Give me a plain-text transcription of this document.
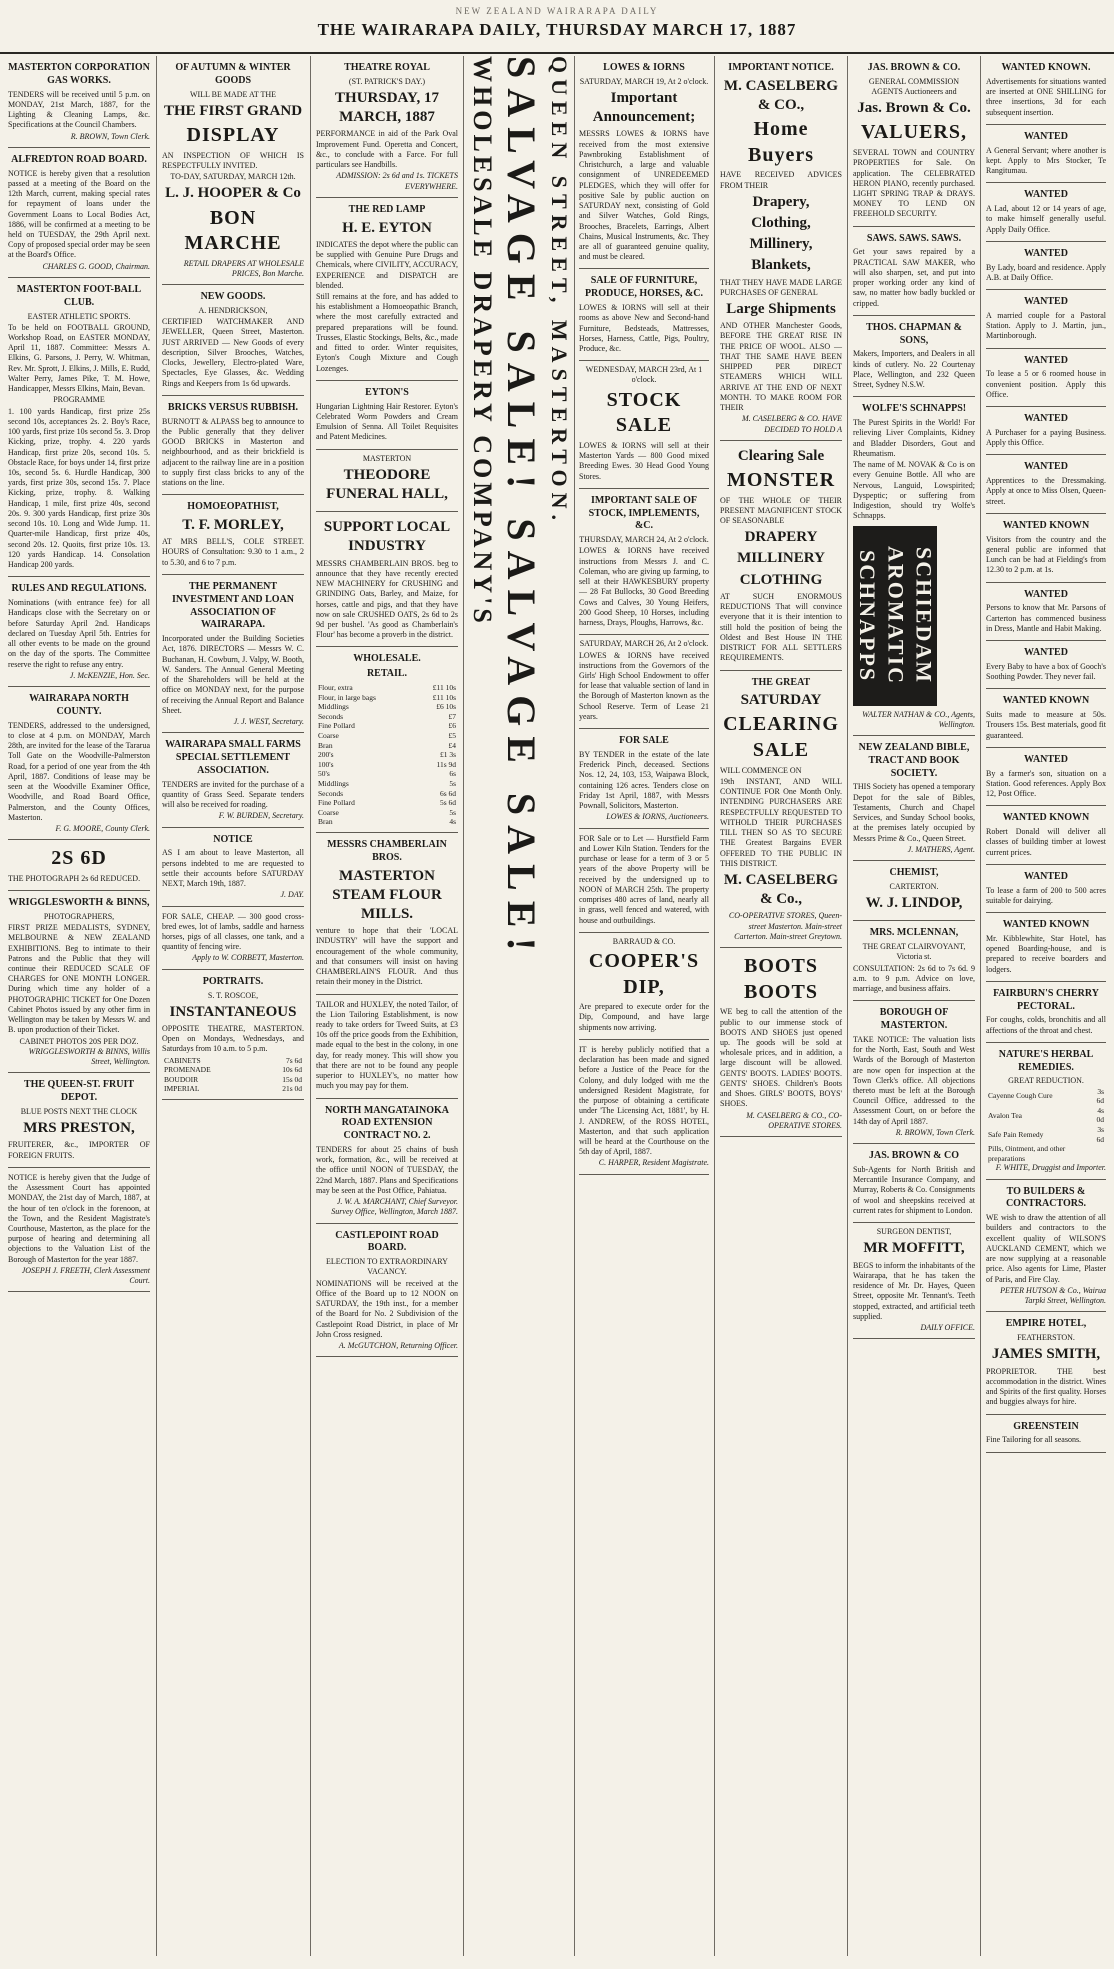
NEW ZEALAND WAIRARAPA DAILY
THE WAIRARAPA DAILY, THURSDAY MARCH 17, 1887
MASTERTON CORPORATION GAS WORKS.

TENDERS will be received until 5 p.m. on MONDAY, 21st March, 1887, for the Lighting & Cleaning Lamps, &c. Specifications at the Council Chambers.

R. BROWN, Town Clerk.
ALFREDTON ROAD BOARD.

NOTICE is hereby given that a resolution passed at a meeting of the Board on the 12th March, current, making special rates for repayment of loans under the Government Loans to Local Bodies Act, 1886, will be confirmed at a meeting to be held on TUESDAY, the 29th April next. Copy of proposed special order may be seen at the Board's Office.

CHARLES G. GOOD, Chairman.
MASTERTON FOOT-BALL CLUB.
EASTER ATHLETIC SPORTS.

To be held on FOOTBALL GROUND, Workshop Road, on EASTER MONDAY, April 11, 1887. Committee: Messrs A. Elkins, G. Parsons, J. Perry, W. Whitman, Rev. Mr. Sprott, J. Elkins, J. Mills, E. Rudd, Walter Perry, James Pike, T. M. Howe, Handicapper, Messrs Elkins, Main, Bevan.

PROGRAMME

1. 100 yards Handicap, first prize 25s second 10s, acceptances 2s. 2. Boy's Race, 100 yards, first prize 10s second 5s. 3. Drop Kicking, prize, trophy. 4. 220 yards Handicap, first prize 20s, second 10s. 5. Obstacle Race, for boys under 14, first prize 10s, second 5s. 6. Hurdle Handicap, 300 yards, first prize 30s, second 15s. 7. Place Kicking, prize, trophy. 8. Walking Handicap, 1 mile, first prize 40s, second 20s. 9. 300 yards Handicap, first prize 30s second 10s. 10. Long and Wide Jump. 11. Quarter-mile Handicap, first prize 40s, second 20s. 12. Quoits, first prize 10s. 13. 120 yards Handicap. 14. Consolation Handicap 200 yards.

RULES AND REGULATIONS.

Nominations (with entrance fee) for all Handicaps close with the Secretary on or before Saturday April 2nd. Handicaps declared on Tuesday April 5th. Entries for all other events to be made on the ground on the day of the sports. The Committee reserve the right to refuse any entry.

J. McKENZIE, Hon. Sec.
WAIRARAPA NORTH COUNTY.

TENDERS, addressed to the undersigned, to close at 4 p.m. on MONDAY, March 28th, are invited for the lease of the Tararua Toll Gate on the Woodville-Palmerston Road, for a period of one year from the 4th April, 1887. Conditions of lease may be seen at the Woodville Examiner Office, Woodville, and Road Board Office, Palmerston, and the County Offices, Masterton.

F. G. MOORE, County Clerk.
2S 6D

THE PHOTOGRAPH 2s 6d REDUCED.

WRIGGLESWORTH & BINNS,
PHOTOGRAPHERS,

FIRST PRIZE MEDALISTS, SYDNEY, MELBOURNE & NEW ZEALAND EXHIBITIONS. Beg to intimate to their Patrons and the Public that they will continue their REDUCED SCALE OF CHARGES for ONE MONTH LONGER. During which time any holder of a PHOTOGRAPHIC TICKET for One Dozen Cabinet Photos issued by any other firm in Wellington may be taken by Messrs W. and B. upon production of their Ticket.

CABINET PHOTOS 20S PER DOZ.
WRIGGLESWORTH & BINNS, Willis Street, Wellington.
THE QUEEN-ST. FRUIT DEPOT.
BLUE POSTS NEXT THE CLOCK
MRS PRESTON,

FRUITERER, &c., IMPORTER OF FOREIGN FRUITS.

NOTICE is hereby given that the Judge of the Assessment Court has appointed MONDAY, the 21st day of March, 1887, at the hour of ten o'clock in the forenoon, at the Town, and the Resident Magistrate's Courthouse, Masterton, as the place for the purpose of hearing and determining all objections to the Valuation List of the Borough of Masterton for the year 1887.

JOSEPH J. FREETH, Clerk Assessment Court.
OF AUTUMN & WINTER GOODS
WILL BE MADE AT THE
THE FIRST GRAND
DISPLAY

AN INSPECTION OF WHICH IS RESPECTFULLY INVITED.

TO-DAY, SATURDAY, MARCH 12th.
L. J. HOOPER & Co
BON MARCHE
RETAIL DRAPERS AT WHOLESALE PRICES, Bon Marche.
NEW GOODS.
A. HENDRICKSON,

CERTIFIED WATCHMAKER AND JEWELLER, Queen Street, Masterton. JUST ARRIVED — New Goods of every description, Silver Brooches, Watches, Clocks, Jewellery, Electro-plated Ware, Spectacles, Eye Glasses, &c. Wedding Rings and Keepers from 1s 6d upwards.

BRICKS VERSUS RUBBISH.

BURNOTT & ALPASS beg to announce to the Public generally that they deliver GOOD BRICKS in Masterton and neighbourhood, and as their brickfield is adjacent to the railway line are in a position to supply first class bricks to any of the stations on the line.

HOMOEOPATHIST,
T. F. MORLEY,

AT MRS BELL'S, COLE STREET. HOURS of Consultation: 9.30 to 1 a.m., 2 to 5.30, and 6 to 7 p.m.

THE PERMANENT INVESTMENT AND LOAN ASSOCIATION OF WAIRARAPA.

Incorporated under the Building Societies Act, 1876. DIRECTORS — Messrs W. C. Buchanan, H. Cowburn, J. Valpy, W. Booth, W. Sanders. The Annual General Meeting of the Shareholders will be held at the office on MONDAY next, for the purpose of receiving the Annual Report and Balance Sheet.

J. J. WEST, Secretary.
WAIRARAPA SMALL FARMS SPECIAL SETTLEMENT ASSOCIATION.

TENDERS are invited for the purchase of a quantity of Grass Seed. Separate tenders will also be received for roading.

F. W. BURDEN, Secretary.
NOTICE

AS I am about to leave Masterton, all persons indebted to me are requested to settle their accounts before SATURDAY NEXT, March 19th, 1887.

J. DAY.

FOR SALE, CHEAP. — 300 good cross-bred ewes, lot of lambs, saddle and harness horses, pigs of all classes, one tank, and a quantity of fencing wire.

Apply to W. CORBETT, Masterton.
PORTRAITS.
S. T. ROSCOE,
INSTANTANEOUS

OPPOSITE THEATRE, MASTERTON. Open on Mondays, Wednesdays, and Saturdays from 10 a.m. to 5 p.m.

CABINETS	7s 6d
PROMENADE	10s 6d
BOUDOIR	15s 0d
IMPERIAL	21s 0d
THEATRE ROYAL
(ST. PATRICK'S DAY.)
THURSDAY, 17 MARCH, 1887

PERFORMANCE in aid of the Park Oval Improvement Fund. Operetta and Concert, &c., to conclude with a Farce. For full particulars see Handbills.

ADMISSION: 2s 6d and 1s. TICKETS EVERYWHERE.
THE RED LAMP
H. E. EYTON

INDICATES the depot where the public can be supplied with Genuine Pure Drugs and Chemicals, where CIVILITY, ACCURACY, EXPERIENCE and DISPATCH are blended.

Still remains at the fore, and has added to his establishment a Homoeopathic Branch, where the most carefully extracted and prepared preparations will be found. Trusses, Elastic Stockings, Belts, &c., made and fitted to order. Winter requisites, Eyton's Cough Mixture and Cough Lozenges.

EYTON'S

Hungarian Lightning Hair Restorer. Eyton's Celebrated Worm Powders and Cream Emulsion of Senna. All Toilet Requisites and Patent Medicines.

MASTERTON
THEODORE FUNERAL HALL,
SUPPORT LOCAL INDUSTRY

MESSRS CHAMBERLAIN BROS. beg to announce that they have recently erected NEW MACHINERY for CRUSHING and GRINDING Oats, Barley, and Maize, for horses, cattle and pigs, and that they have now on sale CRUSHED OATS, 2s 6d to 2s 9d per bushel. 'As good as Chamberlain's Flour' has become a proverb in the district.

WHOLESALE.
RETAIL.
Flour, extra	£11 10s
Flour, in large bags	£11 10s
Middlings	£6 10s
Seconds	£7
Fine Pollard	£6
Coarse	£5
Bran	£4
200's	£1 3s
100's	11s 9d
50's	6s
Middlings	5s
Seconds	6s 6d
Fine Pollard	5s 6d
Coarse	5s
Bran	4s
MESSRS CHAMBERLAIN BROS.
MASTERTON STEAM FLOUR MILLS.

venture to hope that their 'LOCAL INDUSTRY' will have the support and encouragement of the whole community, and that consumers will insist on having CHAMBERLAIN'S FLOUR. And thus retain their money in the District.

TAILOR and HUXLEY, the noted Tailor, of the Lion Tailoring Establishment, is now ready to take orders for Tweed Suits, at £3 10s off the price goods from the Exhibition, made equal to the best in the colony, in one day, for ready money. This will show you that there are not to be found any people superior to HUXLEY's, no matter how much you may pay for them.

NORTH MANGATAINOKA ROAD EXTENSION CONTRACT NO. 2.

TENDERS for about 25 chains of bush work, formation, &c., will be received at the office until NOON of TUESDAY, the 22nd March, 1887. Plans and Specifications may be seen at the Post Office, Pahiatua.

J. W. A. MARCHANT, Chief Surveyor. Survey Office, Wellington, March 1887.
CASTLEPOINT ROAD BOARD.
ELECTION TO EXTRAORDINARY VACANCY.

NOMINATIONS will be received at the Office of the Board up to 12 NOON on SATURDAY, the 19th inst., for a member of the Board for No. 2 Subdivision of the Castlepoint Road District, in place of Mr John Cross resigned.

A. McGUTCHON, Returning Officer.
QUEEN STREET, MASTERTON.
SALVAGE SALE! SALVAGE SALE!
WHOLESALE DRAPERY COMPANY'S	LOWES & IORNS
SATURDAY, MARCH 19, At 2 o'clock.
Important Announcement;

MESSRS LOWES & IORNS have received from the most extensive Pawnbroking Establishment of Christchurch, a large and valuable consignment of UNREDEEMED PLEDGES, which they will offer for positive Sale by public auction on SATURDAY next, consisting of Gold and Silver Watches, Gold Rings, Brooches, Bracelets, Earrings, Albert Chains, Musical Instruments, &c. They are all of guaranteed genuine quality, and must be cleared.

SALE OF FURNITURE, PRODUCE, HORSES, &C.

LOWES & IORNS will sell at their rooms as above New and Second-hand Furniture, Bedsteads, Mattresses, Horses, Harness, Cattle, Pigs, Poultry, Produce, &c.

WEDNESDAY, MARCH 23rd, At 1 o'clock.
STOCK SALE

LOWES & IORNS will sell at their Masterton Yards — 800 Good mixed Breeding Ewes. 30 Head Good Young Stores.

IMPORTANT SALE OF STOCK, IMPLEMENTS, &C.
THURSDAY, MARCH 24, At 2 o'clock.

LOWES & IORNS have received instructions from Messrs J. and C. Coleman, who are giving up farming, to sell at their HAWKESBURY property — 28 Fat Bullocks, 30 Good Breeding Cows and Calves, 30 Young Heifers, 200 Good Sheep, 10 Horses, including harness, Drays, Ploughs, Harrows, &c.

SATURDAY, MARCH 26, At 2 o'clock.

LOWES & IORNS have received instructions from the Governors of the Girls' High School Endowment to offer for lease that valuable section of land in the Borough of Masterton known as the School Reserve. Term of Lease 21 years.

FOR SALE

BY TENDER in the estate of the late Frederick Pinch, deceased. Sections Nos. 12, 24, 103, 153, Waipawa Block, containing 126 acres. Tenders close on Friday 1st April, 1887, with Messrs Pownall, Solicitors, Masterton.

LOWES & IORNS, Auctioneers.

FOR Sale or to Let — Hurstfield Farm and Lower Kiln Station. Tenders for the purchase or lease for a term of 3 or 5 years of the above Property will be received by the undersigned up to NOON of MARCH 25th. The property comprises 480 acres of land, nearly all in grass, well fenced and watered, with house and outbuildings.

BARRAUD & CO.
COOPER'S DIP,

Are prepared to execute order for the Dip, Compound, and have large shipments now arriving.

IT is hereby publicly notified that a declaration has been made and signed before a Justice of the Peace for the Colony, and duly lodged with me the undersigned Resident Magistrate, for the purpose of obtaining a certificate under 'The Licensing Act, 1881', by H. J. ANDREW, of the ROSS HOTEL, Masterton, and that such application will be heard at the Courthouse on the 5th day of April, 1887.

C. HARPER, Resident Magistrate.
IMPORTANT NOTICE.
M. CASELBERG & CO.,
Home Buyers

HAVE RECEIVED ADVICES FROM THEIR

Drapery,
Clothing,
Millinery,
Blankets,

THAT THEY HAVE MADE LARGE PURCHASES OF GENERAL

Large Shipments

AND OTHER Manchester Goods, BEFORE THE GREAT RISE IN THE PRICE OF WOOL. ALSO — THAT THE SAME HAVE BEEN SHIPPED PER DIRECT STEAMERS WHICH WILL ARRIVE AT THE END OF NEXT MONTH. TO MAKE ROOM FOR THEIR

M. CASELBERG & CO. HAVE DECIDED TO HOLD A
Clearing Sale
MONSTER

OF THE WHOLE OF THEIR PRESENT MAGNIFICENT STOCK OF SEASONABLE

DRAPERY
MILLINERY
CLOTHING

AT SUCH ENORMOUS REDUCTIONS That will convince everyone that it is their intention to still hold the position of being the Oldest and Best House IN THE DISTRICT FOR ALL SETTLERS REQUIREMENTS.

THE GREAT
SATURDAY
CLEARING SALE

WILL COMMENCE ON

19th INSTANT, AND WILL CONTINUE FOR One Month Only. INTENDING PURCHASERS ARE RESPECTFULLY REQUESTED TO WITHOLD THEIR PURCHASES TILL THEN SO AS TO SECURE THE Greatest Bargains EVER OFFERED TO THE PUBLIC IN THIS DISTRICT.

M. CASELBERG & Co.,
CO-OPERATIVE STORES, Queen-street Masterton. Main-street Carterton. Main-street Greytown.
BOOTS BOOTS

WE beg to call the attention of the public to our immense stock of BOOTS AND SHOES just opened up. The goods will be sold at wholesale prices, and in addition, a large discount will be allowed. GENTS' BOOTS. LADIES' BOOTS. GENTS' SHOES. Children's Boots and Shoes. GIRLS' BOOTS, BOYS' SHOES.

M. CASELBERG & CO., CO-OPERATIVE STORES.
JAS. BROWN & CO.
GENERAL COMMISSION AGENTS Auctioneers and
Jas. Brown & Co.
VALUERS,

SEVERAL TOWN and COUNTRY PROPERTIES for Sale. On application. The CELEBRATED HERON PIANO, recently purchased. LIGHT SPRING TRAP & DRAYS. MONEY TO LEND ON FREEHOLD SECURITY.

SAWS. SAWS. SAWS.

Get your saws repaired by a PRACTICAL SAW MAKER, who will also sharpen, set, and put into proper working order any kind of saw, no matter how badly buckled or cripped.

THOS. CHAPMAN & SONS,

Makers, Importers, and Dealers in all kinds of cutlery. No. 22 Courtenay Place, Wellington, and 232 Queen Street, Sydney N.S.W.

WOLFE'S SCHNAPPS!

The Purest Spirits in the World! For relieving Liver Complaints, Kidney and Bladder Disorders, Gout and Rheumatism.

The name of M. NOVAK & Co is on every Genuine Bottle. All who are Nervous, Languid, Lowspirited; Dyspeptic; or suffering from Indigestion, should try Wolfe's Schnapps.

SCHIEDAM AROMATIC SCHNAPPS
WALTER NATHAN & CO., Agents, Wellington.
NEW ZEALAND BIBLE, TRACT AND BOOK SOCIETY.

THIS Society has opened a temporary Depot for the sale of Bibles, Testaments, Church and Chapel Services, and Sunday School books, at the premises lately occupied by Messrs Prime & Co., Queen Street.

J. MATHERS, Agent.
CHEMIST,
CARTERTON.
W. J. LINDOP,
MRS. MCLENNAN,
THE GREAT CLAIRVOYANT, Victoria st.

CONSULTATION: 2s 6d to 7s 6d. 9 a.m. to 9 p.m. Advice on love, marriage, and business affairs.

BOROUGH OF MASTERTON.

TAKE NOTICE: The valuation lists for the North, East, South and West Wards of the Borough of Masterton are now open for inspection at the Town Clerk's office. All objections thereto must be left at the Borough Council Office, addressed to the Assessment Court, on or before the 14th day of April 1887.

R. BROWN, Town Clerk.
JAS. BROWN & CO

Sub-Agents for North British and Mercantile Insurance Company, and Murray, Roberts & Co. Consignments of wool and sheepskins received at current rates for shipment to London.

SURGEON DENTIST,
MR MOFFITT,

BEGS to inform the inhabitants of the Wairarapa, that he has taken the residence of Mr. Dr. Hayes, Queen Street, opposite Mr. Tennant's. Teeth stopped, extracted, and artificial teeth supplied.

DAILY OFFICE.
WANTED KNOWN.

Advertisements for situations wanted are inserted at ONE SHILLING for three insertions, 3d for each subsequent insertion.

WANTED

A General Servant; where another is kept. Apply to Mrs Stocker, Te Rangitumau.

WANTED

A Lad, about 12 or 14 years of age, to make himself generally useful. Apply Daily Office.

WANTED

By Lady, board and residence. Apply A.B. at Daily Office.

WANTED

A married couple for a Pastoral Station. Apply to J. Martin, jun., Martinborough.

WANTED

To lease a 5 or 6 roomed house in convenient position. Apply this Office.

WANTED

A Purchaser for a paying Business. Apply this Office.

WANTED

Apprentices to the Dressmaking. Apply at once to Miss Olsen, Queen-street.

WANTED KNOWN

Visitors from the country and the general public are informed that Lunch can be had at Fielding's from 12.30 to 2 p.m. at 1s.

WANTED

Persons to know that Mr. Parsons of Carterton has commenced business in Dress, Mantle and Habit Making.

WANTED

Every Baby to have a box of Gooch's Soothing Powder. They never fail.

WANTED KNOWN

Suits made to measure at 50s. Trousers 15s. Best materials, good fit guaranteed.

WANTED

By a farmer's son, situation on a Station. Good references. Apply Box 12, Post Office.

WANTED KNOWN

Robert Donald will deliver all classes of building timber at lowest current prices.

WANTED

To lease a farm of 200 to 500 acres suitable for dairying.

WANTED KNOWN

Mr. Kibblewhite, Star Hotel, has opened Boarding-house, and is prepared to receive boarders and lodgers.

FAIRBURN'S CHERRY PECTORAL.

For coughs, colds, bronchitis and all affections of the throat and chest.

NATURE'S HERBAL REMEDIES.
GREAT REDUCTION.
Cayenne Cough Cure	3s 6d
Avalon Tea	4s 0d
Safe Pain Remedy	3s 6d
Pills, Ointment, and other preparations	
F. WHITE, Druggist and Importer.
TO BUILDERS & CONTRACTORS.

WE wish to draw the attention of all builders and contractors to the excellent quality of WILSON'S AUCKLAND CEMENT, which we are now supplying at a reasonable price. Also agents for Lime, Plaster of Paris, and Fire Clay.

PETER HUTSON & Co., Wairua Tarpki Street, Wellington.
EMPIRE HOTEL,
FEATHERSTON.
JAMES SMITH,

PROPRIETOR. THE best accommodation in the district. Wines and Spirits of the first quality. Horses and buggies always for hire.

GREENSTEIN

Fine Tailoring for all seasons.
